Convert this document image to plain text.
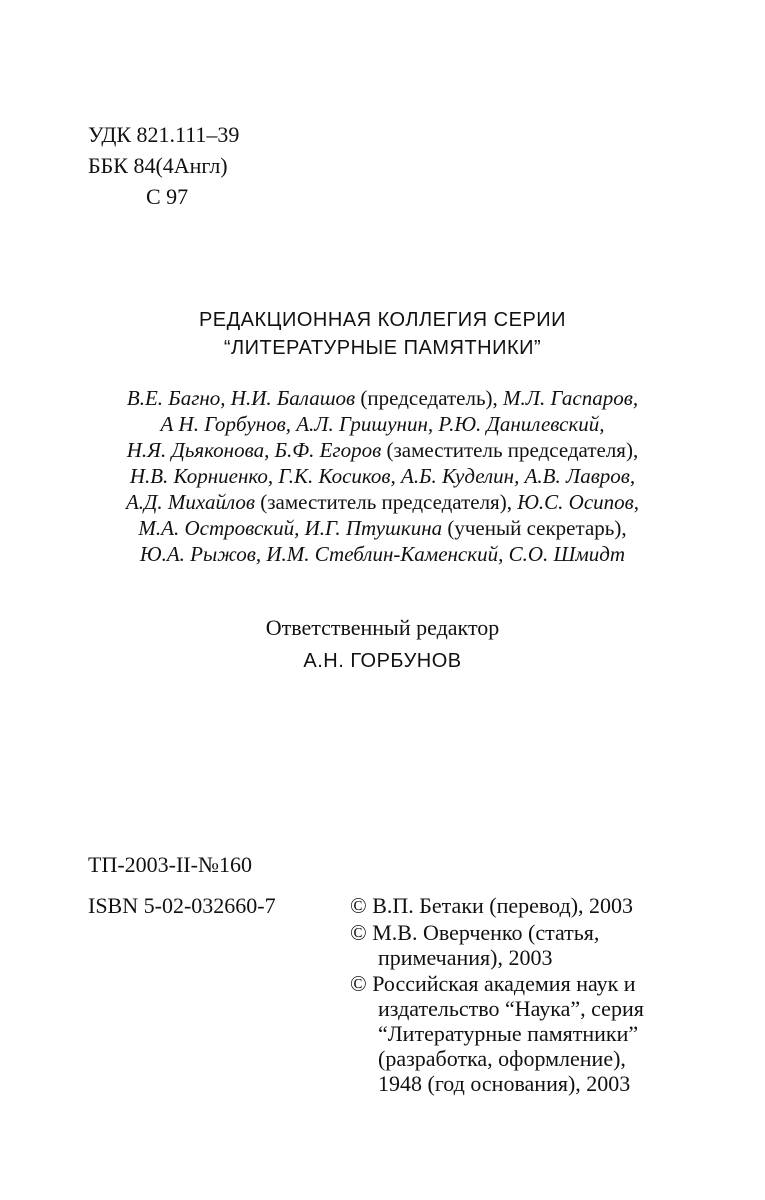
УДК 821.111–39
ББК 84(4Англ)
С 97
РЕДАКЦИОННАЯ КОЛЛЕГИЯ СЕРИИ
“ЛИТЕРАТУРНЫЕ ПАМЯТНИКИ”
В.Е. Багно, Н.И. Балашов (председатель), М.Л. Гаспаров,
А Н. Горбунов, А.Л. Гришунин, Р.Ю. Данилевский,
Н.Я. Дьяконова, Б.Ф. Егоров (заместитель председателя),
Н.В. Корниенко, Г.К. Косиков, А.Б. Куделин, А.В. Лавров,
А.Д. Михайлов (заместитель председателя), Ю.С. Осипов,
М.А. Островский, И.Г. Птушкина (ученый секретарь),
Ю.А. Рыжов, И.М. Стеблин-Каменский, С.О. Шмидт
Ответственный редактор
А.Н. ГОРБУНОВ
ТП-2003-II-№160
ISBN 5-02-032660-7	© В.П. Бетаки (перевод), 2003
© М.В. Оверченко (статья,
примечания), 2003
© Российская академия наук и
издательство “Наука”, серия
“Литературные памятники”
(разработка, оформление),
1948 (год основания), 2003
